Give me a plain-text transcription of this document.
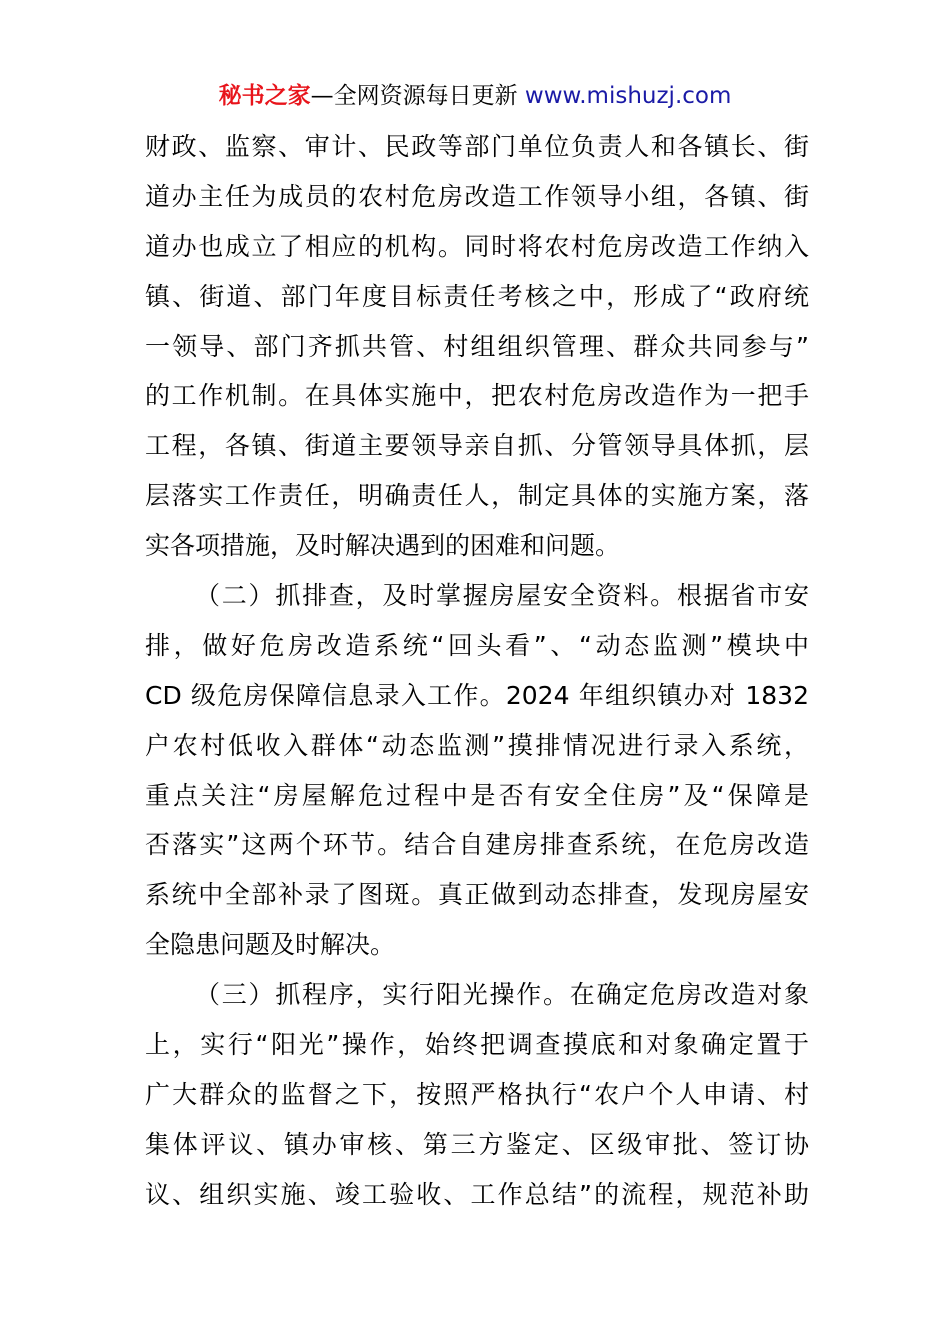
秘书之家—全网资源每日更新 www.mishuzj.com
财政、监察、审计、民政等部门单位负责人和各镇长、街
道办主任为成员的农村危房改造工作领导小组，各镇、街
道办也成立了相应的机构。同时将农村危房改造工作纳入
镇、街道、部门年度目标责任考核之中，形成了“政府统
一领导、部门齐抓共管、村组组织管理、群众共同参与”
的工作机制。在具体实施中，把农村危房改造作为一把手
工程，各镇、街道主要领导亲自抓、分管领导具体抓，层
层落实工作责任，明确责任人，制定具体的实施方案，落
实各项措施，及时解决遇到的困难和问题。
（二）抓排查，及时掌握房屋安全资料。根据省市安
排，做好危房改造系统“回头看”、“动态监测”模块中
CD 级危房保障信息录入工作。2024 年组织镇办对 1832
户农村低收入群体“动态监测”摸排情况进行录入系统，
重点关注“房屋解危过程中是否有安全住房”及“保障是
否落实”这两个环节。结合自建房排查系统，在危房改造
系统中全部补录了图斑。真正做到动态排查，发现房屋安
全隐患问题及时解决。
（三）抓程序，实行阳光操作。在确定危房改造对象
上，实行“阳光”操作，始终把调查摸底和对象确定置于
广大群众的监督之下，按照严格执行“农户个人申请、村
集体评议、镇办审核、第三方鉴定、区级审批、签订协
议、组织实施、竣工验收、工作总结”的流程，规范补助
